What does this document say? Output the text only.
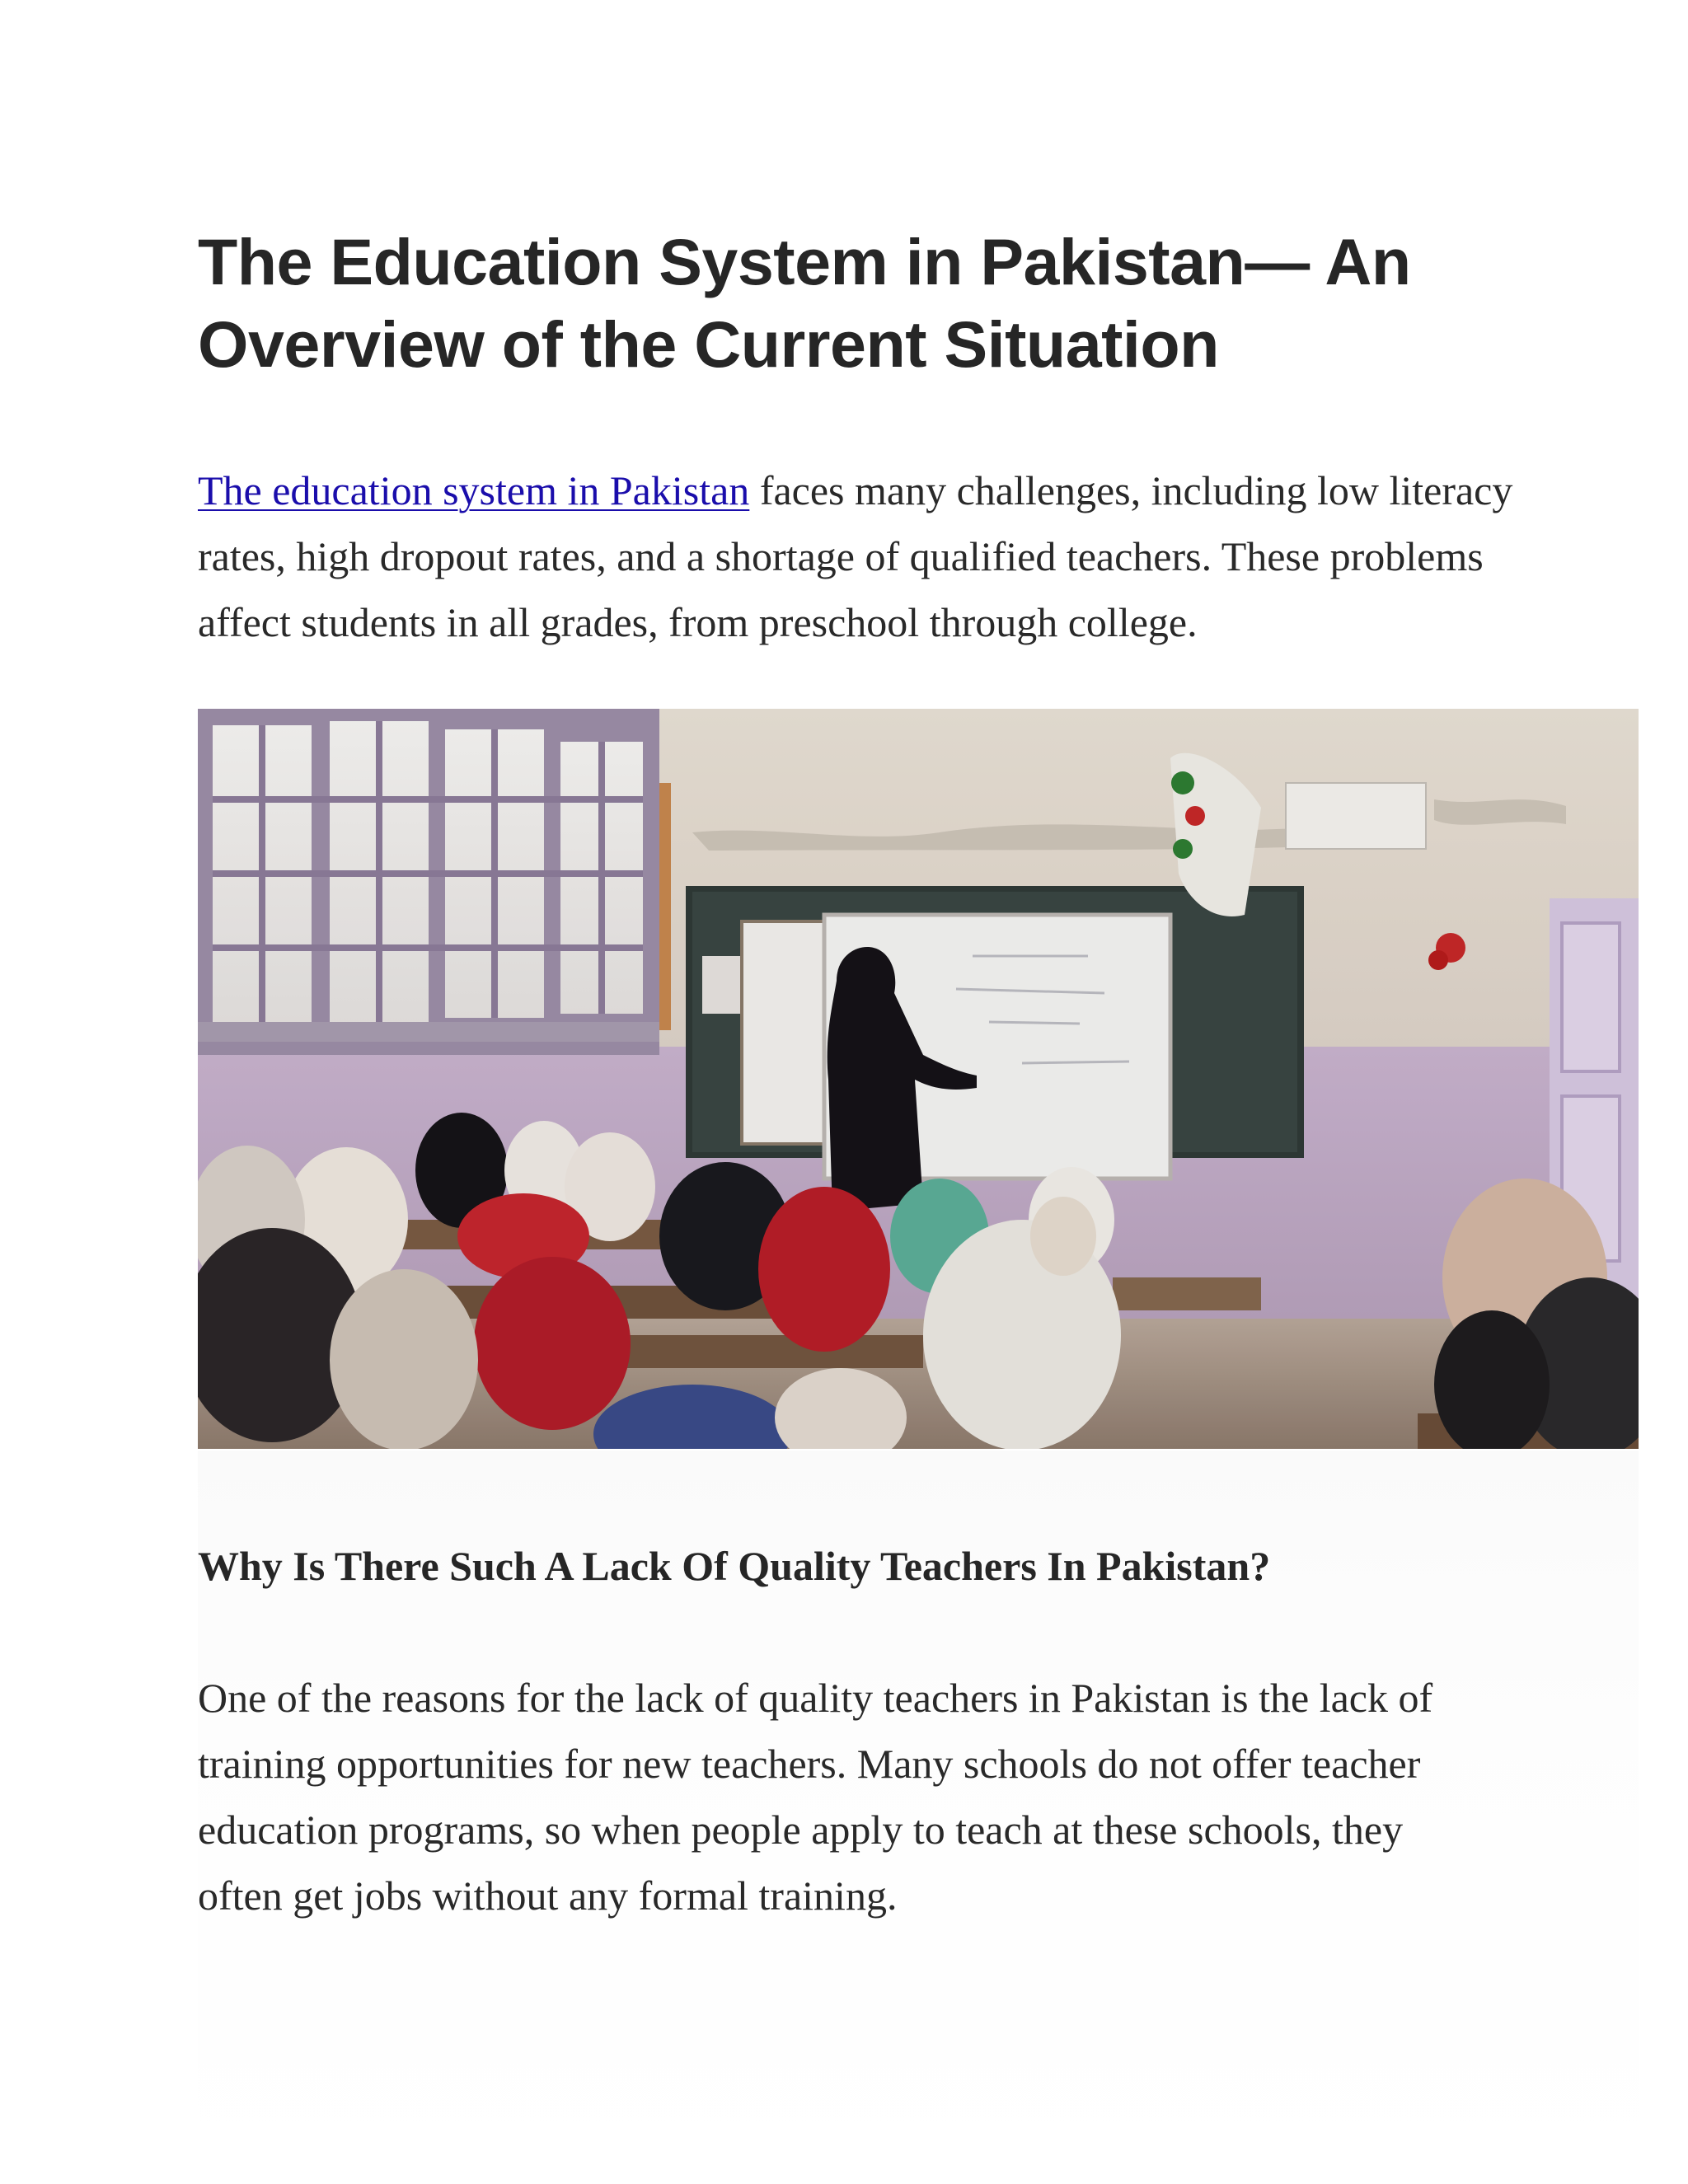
The Education System in Pakistan— An Overview of the Current Situation

The education system in Pakistan faces many challenges, including low literacy rates, high dropout rates, and a shortage of qualified teachers. These problems affect students in all grades, from preschool through college.

Why Is There Such A Lack Of Quality Teachers In Pakistan?

One of the reasons for the lack of quality teachers in Pakistan is the lack of training opportunities for new teachers. Many schools do not offer teacher education programs, so when people apply to teach at these schools, they often get jobs without any formal training.
